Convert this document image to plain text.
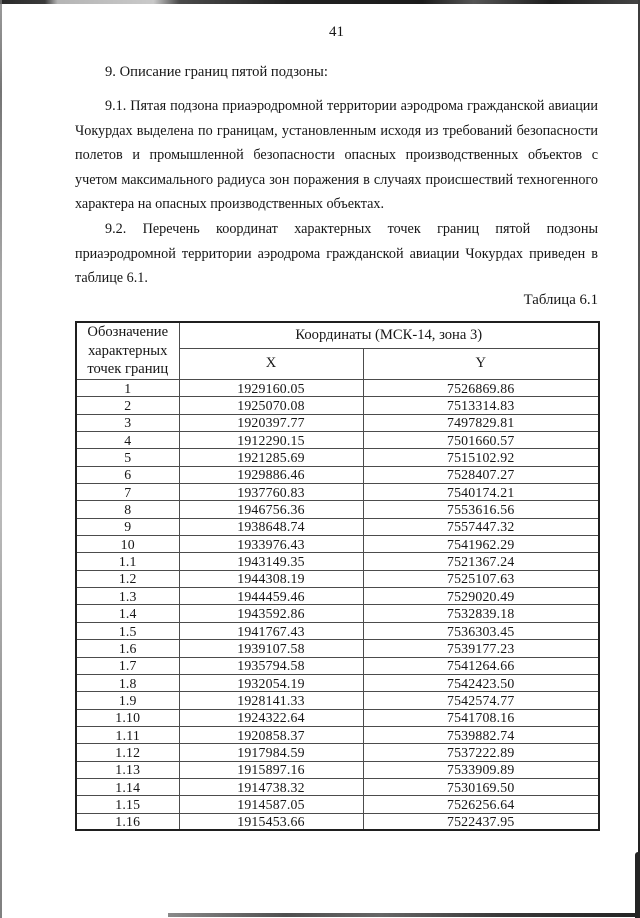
41
9. Описание границ пятой подзоны:
9.1. Пятая подзона приаэродромной территории аэродрома гражданской авиации
Чокурдах выделена по границам, установленным исходя из требований безопасности
полетов и промышленной безопасности опасных производственных объектов с
учетом максимального радиуса зон поражения в случаях происшествий техногенного
характера на опасных производственных объектах.
9.2. Перечень координат характерных точек границ пятой подзоны
приаэродромной территории аэродрома гражданской авиации Чокурдах приведен в
таблице 6.1.
Таблица 6.1
Обозначение характерных точек границ	Координаты (МСК-14, зона 3)	
	X	Y
1	1929160.05	7526869.86
2	1925070.08	7513314.83
3	1920397.77	7497829.81
4	1912290.15	7501660.57
5	1921285.69	7515102.92
6	1929886.46	7528407.27
7	1937760.83	7540174.21
8	1946756.36	7553616.56
9	1938648.74	7557447.32
10	1933976.43	7541962.29
1.1	1943149.35	7521367.24
1.2	1944308.19	7525107.63
1.3	1944459.46	7529020.49
1.4	1943592.86	7532839.18
1.5	1941767.43	7536303.45
1.6	1939107.58	7539177.23
1.7	1935794.58	7541264.66
1.8	1932054.19	7542423.50
1.9	1928141.33	7542574.77
1.10	1924322.64	7541708.16
1.11	1920858.37	7539882.74
1.12	1917984.59	7537222.89
1.13	1915897.16	7533909.89
1.14	1914738.32	7530169.50
1.15	1914587.05	7526256.64
1.16	1915453.66	7522437.95
